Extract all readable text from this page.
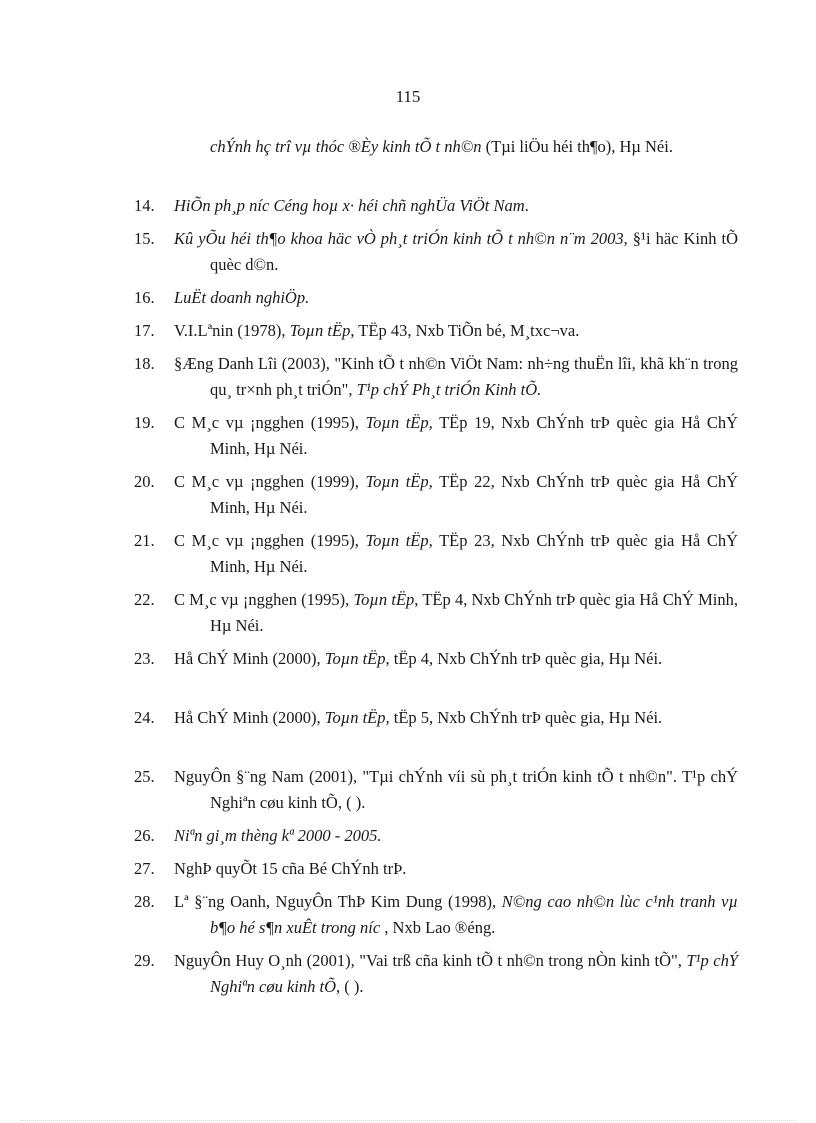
115
chÝnh hç trî vµ thóc ®Èy kinh tÕ t nh©n (Tµi liÖu héi th¶o), Hµ Néi.
14. HiÕn ph¸p níc Céng hoµ x· héi chñ nghÜa ViÖt Nam.
15. Kû yÕu héi th¶o khoa häc vÒ ph¸t triÓn kinh tÕ t nh©n n¨m 2003, §¹i häc Kinh tÕ quèc d©n.
16. LuËt doanh nghiÖp.
17. V.I.Lªnin (1978), Toµn tËp, TËp 43, Nxb TiÕn bé, M¸txc¬va.
18. §Æng Danh Lîi (2003), "Kinh tÕ t nh©n ViÖt Nam: nh÷ng thuËn lîi, khã kh¨n trong qu¸ tr×nh ph¸t triÓn", T¹p chÝ Ph¸t triÓn Kinh tÕ.
19. C M¸c vµ ¡ngghen (1995), Toµn tËp, TËp 19, Nxb ChÝnh trÞ quèc gia Hå ChÝ Minh, Hµ Néi.
20. C M¸c vµ ¡ngghen (1999), Toµn tËp, TËp 22, Nxb ChÝnh trÞ quèc gia Hå ChÝ Minh, Hµ Néi.
21. C M¸c vµ ¡ngghen (1995), Toµn tËp, TËp 23, Nxb ChÝnh trÞ quèc gia Hå ChÝ Minh, Hµ Néi.
22. C M¸c vµ ¡ngghen (1995), Toµn tËp, TËp 4, Nxb ChÝnh trÞ quèc gia Hå ChÝ Minh, Hµ Néi.
23. Hå ChÝ Minh (2000), Toµn tËp, tËp 4, Nxb ChÝnh trÞ quèc gia, Hµ Néi.
24. Hå ChÝ Minh (2000), Toµn tËp, tËp 5, Nxb ChÝnh trÞ quèc gia, Hµ Néi.
25. NguyÔn §¨ng Nam (2001), "Tµi chÝnh víi sù ph¸t triÓn kinh tÕ t nh©n". T¹p chÝ Nghiªn cøu kinh tÕ, ( ).
26. Niªn gi¸m thèng kª 2000 - 2005.
27. NghÞ quyÕt 15 cña Bé ChÝnh trÞ.
28. Lª §¨ng Oanh, NguyÔn ThÞ Kim Dung (1998), N©ng cao nh©n lùc c¹nh tranh vµ b¶o hé s¶n xuÊt trong níc , Nxb Lao ®éng.
29. NguyÔn Huy O¸nh (2001), "Vai trß cña kinh tÕ t nh©n trong nÒn kinh tÕ", T¹p chÝ Nghiªn cøu kinh tÕ, ( ).
